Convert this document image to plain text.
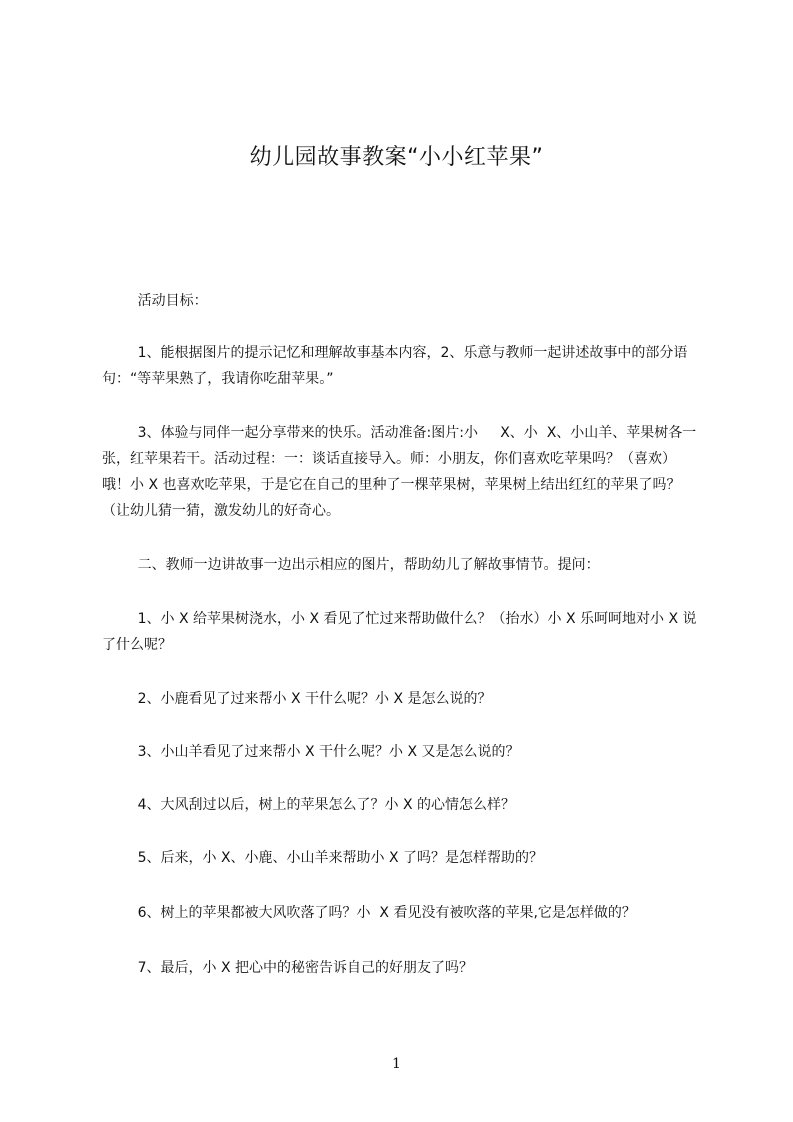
幼儿园故事教案“小小红苹果”

活动目标：

1、能根据图片的提示记忆和理解故事基本内容，2、乐意与教师一起讲述故事中的部分语句：“等苹果熟了，我请你吃甜苹果。”

3、体验与同伴一起分享带来的快乐。活动准备:图片:小     X、小  X、小山羊、苹果树各一张，红苹果若干。活动过程：一：谈话直接导入。师：小朋友，你们喜欢吃苹果吗？（喜欢）哦！小 X 也喜欢吃苹果，于是它在自己的里种了一棵苹果树，苹果树上结出红红的苹果了吗？（让幼儿猜一猜，激发幼儿的好奇心。

二、教师一边讲故事一边出示相应的图片，帮助幼儿了解故事情节。提问：

1、小 X 给苹果树浇水，小 X 看见了忙过来帮助做什么？（抬水）小 X 乐呵呵地对小 X 说了什么呢？

2、小鹿看见了过来帮小 X 干什么呢？小 X 是怎么说的？

3、小山羊看见了过来帮小 X 干什么呢？小 X 又是怎么说的？

4、大风刮过以后，树上的苹果怎么了？小 X 的心情怎么样？

5、后来，小 X、小鹿、小山羊来帮助小 X 了吗？是怎样帮助的？

6、树上的苹果都被大风吹落了吗？小  X 看见没有被吹落的苹果,它是怎样做的？

7、最后，小 X 把心中的秘密告诉自己的好朋友了吗？

1
